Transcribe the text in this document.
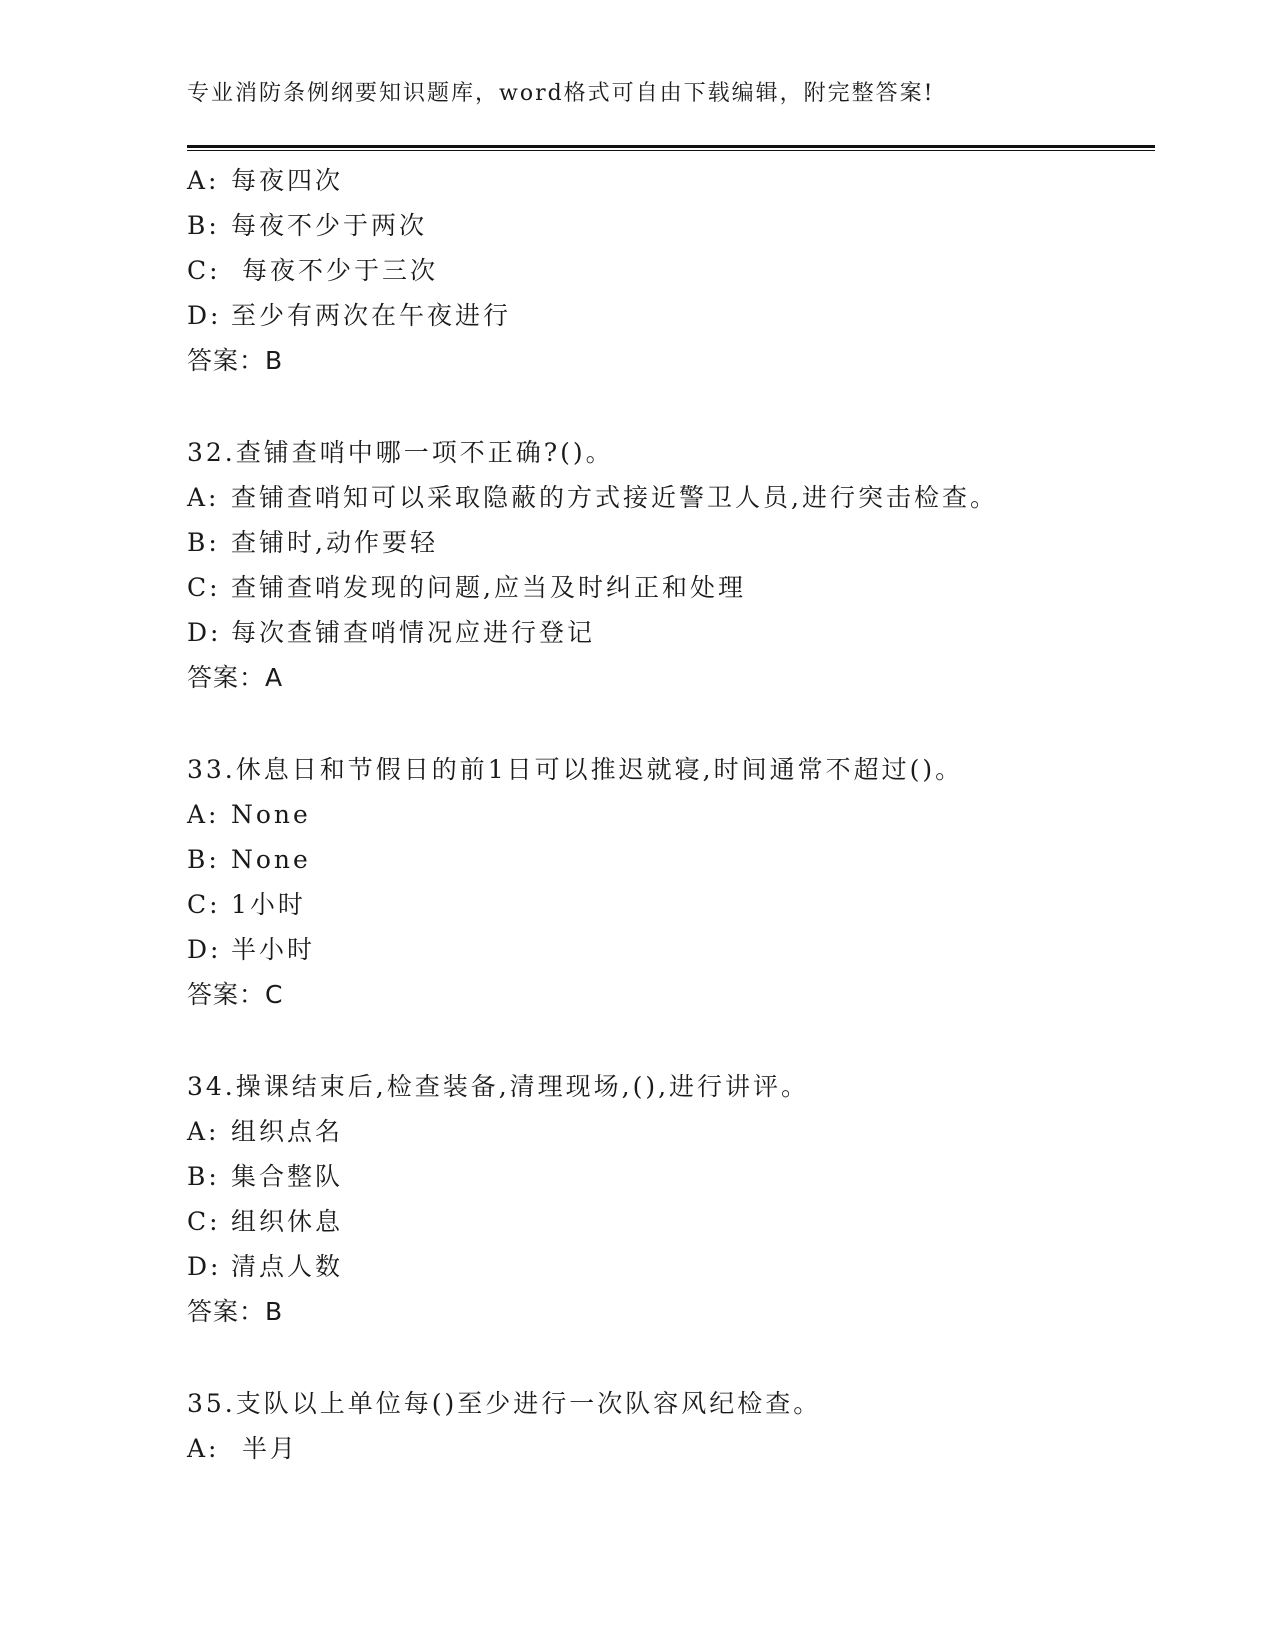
专业消防条例纲要知识题库，word格式可自由下载编辑，附完整答案!
A: 每夜四次
B: 每夜不少于两次
C: 每夜不少于三次
D: 至少有两次在午夜进行
答案：B
32.查铺查哨中哪一项不正确?()。
A: 查铺查哨知可以采取隐蔽的方式接近警卫人员,进行突击检查。
B: 查铺时,动作要轻
C: 查铺查哨发现的问题,应当及时纠正和处理
D: 每次查铺查哨情况应进行登记
答案：A
33.休息日和节假日的前1日可以推迟就寝,时间通常不超过()。
A: None
B: None
C: 1小时
D: 半小时
答案：C
34.操课结束后,检查装备,清理现场,(),进行讲评。
A: 组织点名
B: 集合整队
C: 组织休息
D: 清点人数
答案：B
35.支队以上单位每()至少进行一次队容风纪检查。
A: 半月
